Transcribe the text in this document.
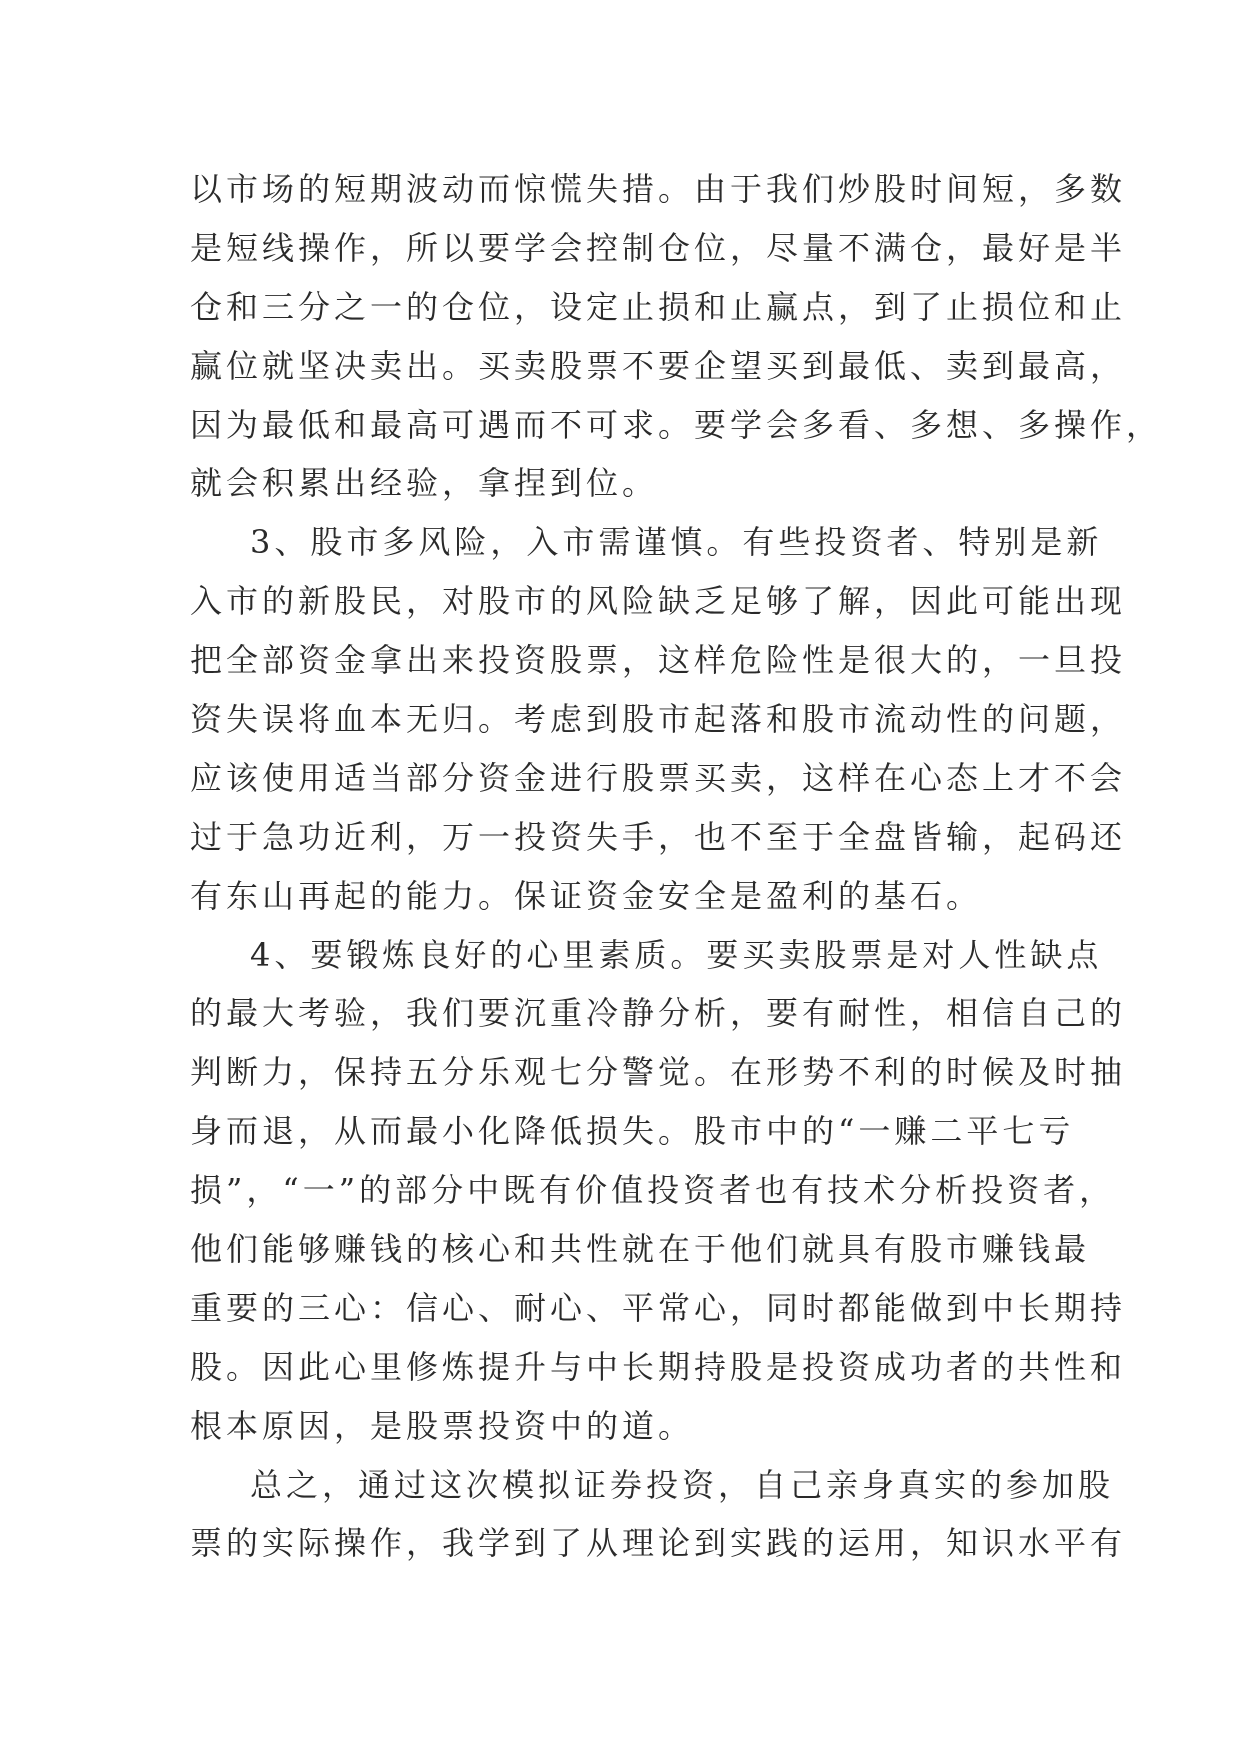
以市场的短期波动而惊慌失措。由于我们炒股时间短，多数
是短线操作，所以要学会控制仓位，尽量不满仓，最好是半
仓和三分之一的仓位，设定止损和止赢点，到了止损位和止
赢位就坚决卖出。买卖股票不要企望买到最低、卖到最高，
因为最低和最高可遇而不可求。要学会多看、多想、多操作，
就会积累出经验，拿捏到位。
3、股市多风险，入市需谨慎。有些投资者、特别是新
入市的新股民，对股市的风险缺乏足够了解，因此可能出现
把全部资金拿出来投资股票，这样危险性是很大的，一旦投
资失误将血本无归。考虑到股市起落和股市流动性的问题，
应该使用适当部分资金进行股票买卖，这样在心态上才不会
过于急功近利，万一投资失手，也不至于全盘皆输，起码还
有东山再起的能力。保证资金安全是盈利的基石。
4、要锻炼良好的心里素质。要买卖股票是对人性缺点
的最大考验，我们要沉重冷静分析，要有耐性，相信自己的
判断力，保持五分乐观七分警觉。在形势不利的时候及时抽
身而退，从而最小化降低损失。股市中的“一赚二平七亏
损”，“一”的部分中既有价值投资者也有技术分析投资者，
他们能够赚钱的核心和共性就在于他们就具有股市赚钱最
重要的三心：信心、耐心、平常心，同时都能做到中长期持
股。因此心里修炼提升与中长期持股是投资成功者的共性和
根本原因，是股票投资中的道。
总之，通过这次模拟证券投资，自己亲身真实的参加股
票的实际操作，我学到了从理论到实践的运用，知识水平有
